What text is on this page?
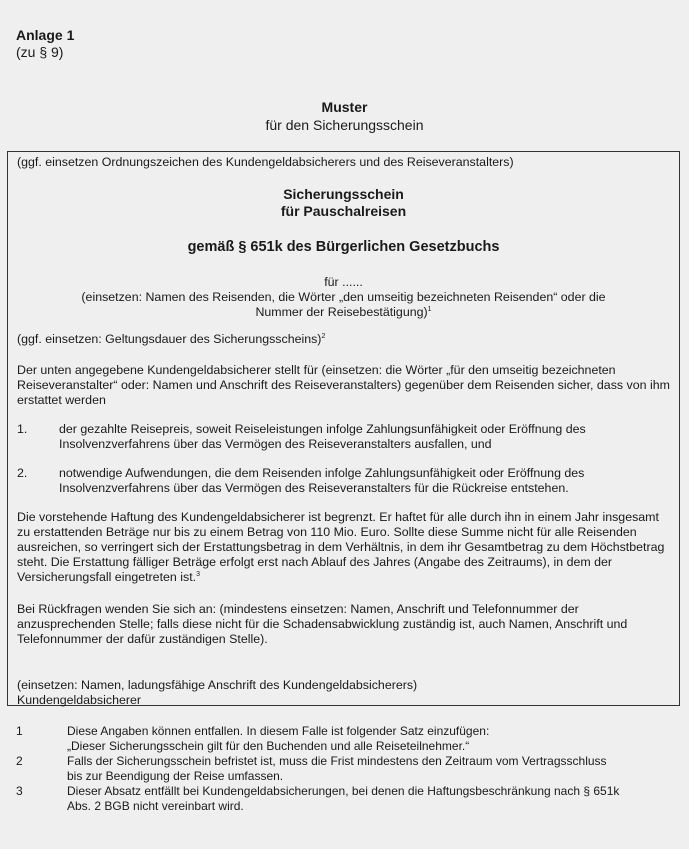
Anlage 1
(zu § 9)
Muster
für den Sicherungsschein
(ggf. einsetzen Ordnungszeichen des Kundengeldabsicherers und des Reiseveranstalters)
Sicherungsschein
für Pauschalreisen
gemäß § 651k des Bürgerlichen Gesetzbuchs
für ......
(einsetzen: Namen des Reisenden, die Wörter „den umseitig bezeichneten Reisenden“ oder die Nummer der Reisebestätigung)$^1$
(ggf. einsetzen: Geltungsdauer des Sicherungsscheins)$^2$
Der unten angegebene Kundengeldabsicherer stellt für (einsetzen: die Wörter „für den umseitig bezeichneten Reiseveranstalter“ oder: Namen und Anschrift des Reiseveranstalters) gegenüber dem Reisenden sicher, dass von ihm erstattet werden
1.	der gezahlte Reisepreis, soweit Reiseleistungen infolge Zahlungsunfähigkeit oder Eröffnung des Insolvenzverfahrens über das Vermögen des Reiseveranstalters ausfallen, und
2.	notwendige Aufwendungen, die dem Reisenden infolge Zahlungsunfähigkeit oder Eröffnung des Insolvenzverfahrens über das Vermögen des Reiseveranstalters für die Rückreise entstehen.
Die vorstehende Haftung des Kundengeldabsicherer ist begrenzt. Er haftet für alle durch ihn in einem Jahr insgesamt zu erstattenden Beträge nur bis zu einem Betrag von 110 Mio. Euro. Sollte diese Summe nicht für alle Reisenden ausreichen, so verringert sich der Erstattungsbetrag in dem Verhältnis, in dem ihr Gesamtbetrag zu dem Höchstbetrag steht. Die Erstattung fälliger Beträge erfolgt erst nach Ablauf des Jahres (Angabe des Zeitraums), in dem der Versicherungsfall eingetreten ist.$^3$
Bei Rückfragen wenden Sie sich an: (mindestens einsetzen: Namen, Anschrift und Telefonnummer der anzusprechenden Stelle; falls diese nicht für die Schadensabwicklung zuständig ist, auch Namen, Anschrift und Telefonnummer der dafür zuständigen Stelle).
(einsetzen: Namen, ladungsfähige Anschrift des Kundengeldabsicherers)
Kundengeldabsicherer
1	Diese Angaben können entfallen. In diesem Falle ist folgender Satz einzufügen:
„Dieser Sicherungsschein gilt für den Buchenden und alle Reiseteilnehmer.“
2	Falls der Sicherungsschein befristet ist, muss die Frist mindestens den Zeitraum vom Vertragsschluss
bis zur Beendigung der Reise umfassen.
3	Dieser Absatz entfällt bei Kundengeldabsicherungen, bei denen die Haftungsbeschränkung nach § 651k
Abs. 2 BGB nicht vereinbart wird.
